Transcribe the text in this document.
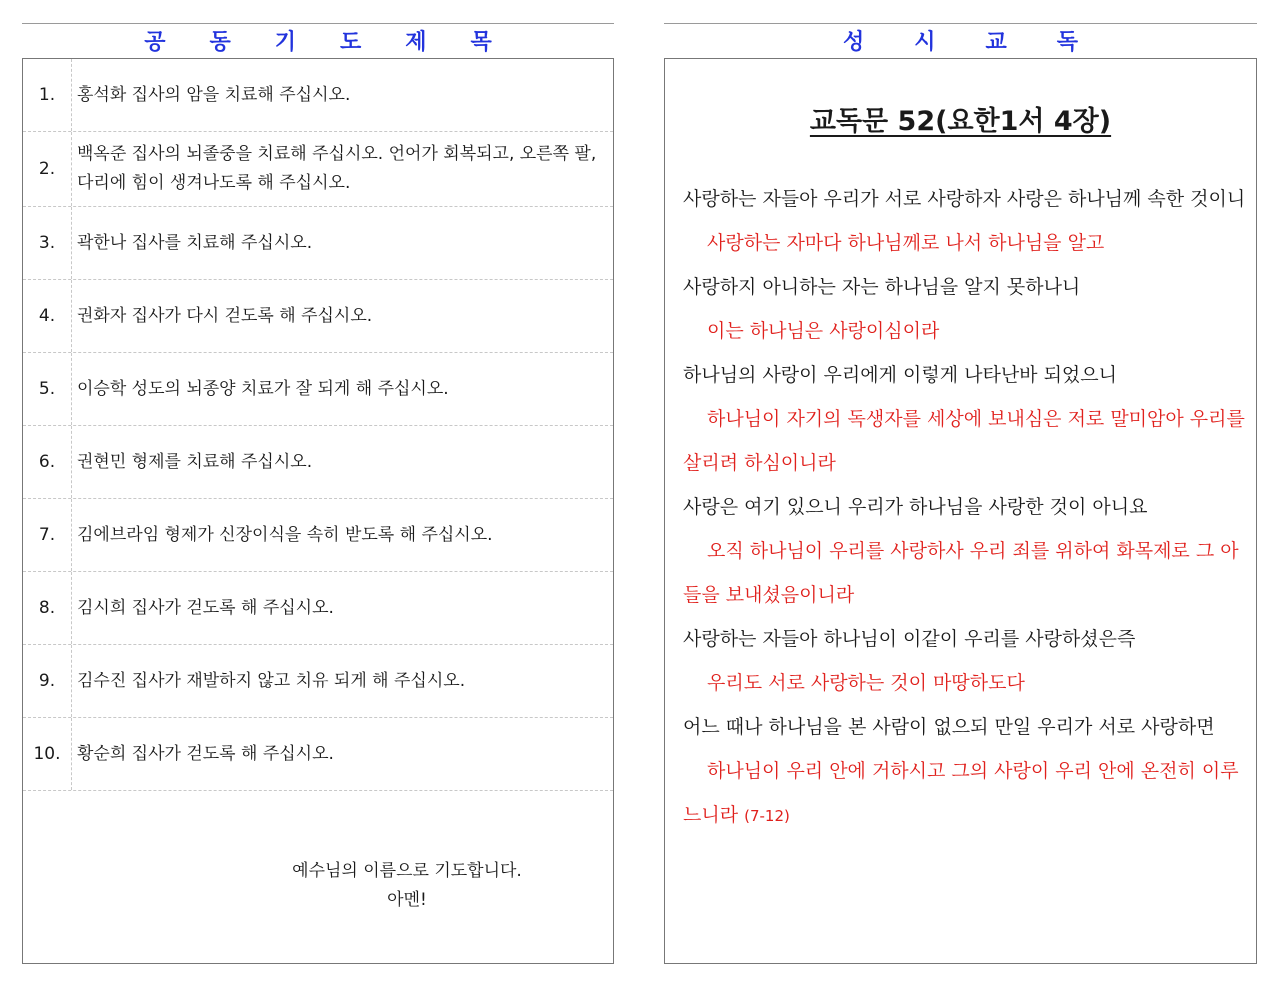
공 동 기 도 제 목
1.	홍석화 집사의 암을 치료해 주십시오.
2.
백옥준 집사의 뇌졸중을 치료해 주십시오. 언어가 회복되고, 오른쪽 팔, 다리에 힘이 생겨나도록 해 주십시오.
3.	곽한나 집사를 치료해 주십시오.
4.	권화자 집사가 다시 걷도록 해 주십시오.
5.	이승학 성도의 뇌종양 치료가 잘 되게 해 주십시오.
6.	권현민 형제를 치료해 주십시오.
7.	김에브라임 형제가 신장이식을 속히 받도록 해 주십시오.
8.	김시희 집사가 걷도록 해 주십시오.
9.	김수진 집사가 재발하지 않고 치유 되게 해 주십시오.
10. 황순희 집사가 걷도록 해 주십시오.
예수님의 이름으로 기도합니다.
아멘!
성 시 교 독
교독문 52(요한1서 4장)

사랑하는 자들아 우리가 서로 사랑하자 사랑은 하나님께 속한 것이니

사랑하는 자마다 하나님께로 나서 하나님을 알고

사랑하지 아니하는 자는 하나님을 알지 못하나니

이는 하나님은 사랑이심이라

하나님의 사랑이 우리에게 이렇게 나타난바 되었으니

하나님이 자기의 독생자를 세상에 보내심은 저로 말미암아 우리를 살리려 하심이니라

사랑은 여기 있으니 우리가 하나님을 사랑한 것이 아니요

오직 하나님이 우리를 사랑하사 우리 죄를 위하여 화목제로 그 아들을 보내셨음이니라

사랑하는 자들아 하나님이 이같이 우리를 사랑하셨은즉

우리도 서로 사랑하는 것이 마땅하도다

어느 때나 하나님을 본 사람이 없으되 만일 우리가 서로 사랑하면

하나님이 우리 안에 거하시고 그의 사랑이 우리 안에 온전히 이루느니라 (7-12)
